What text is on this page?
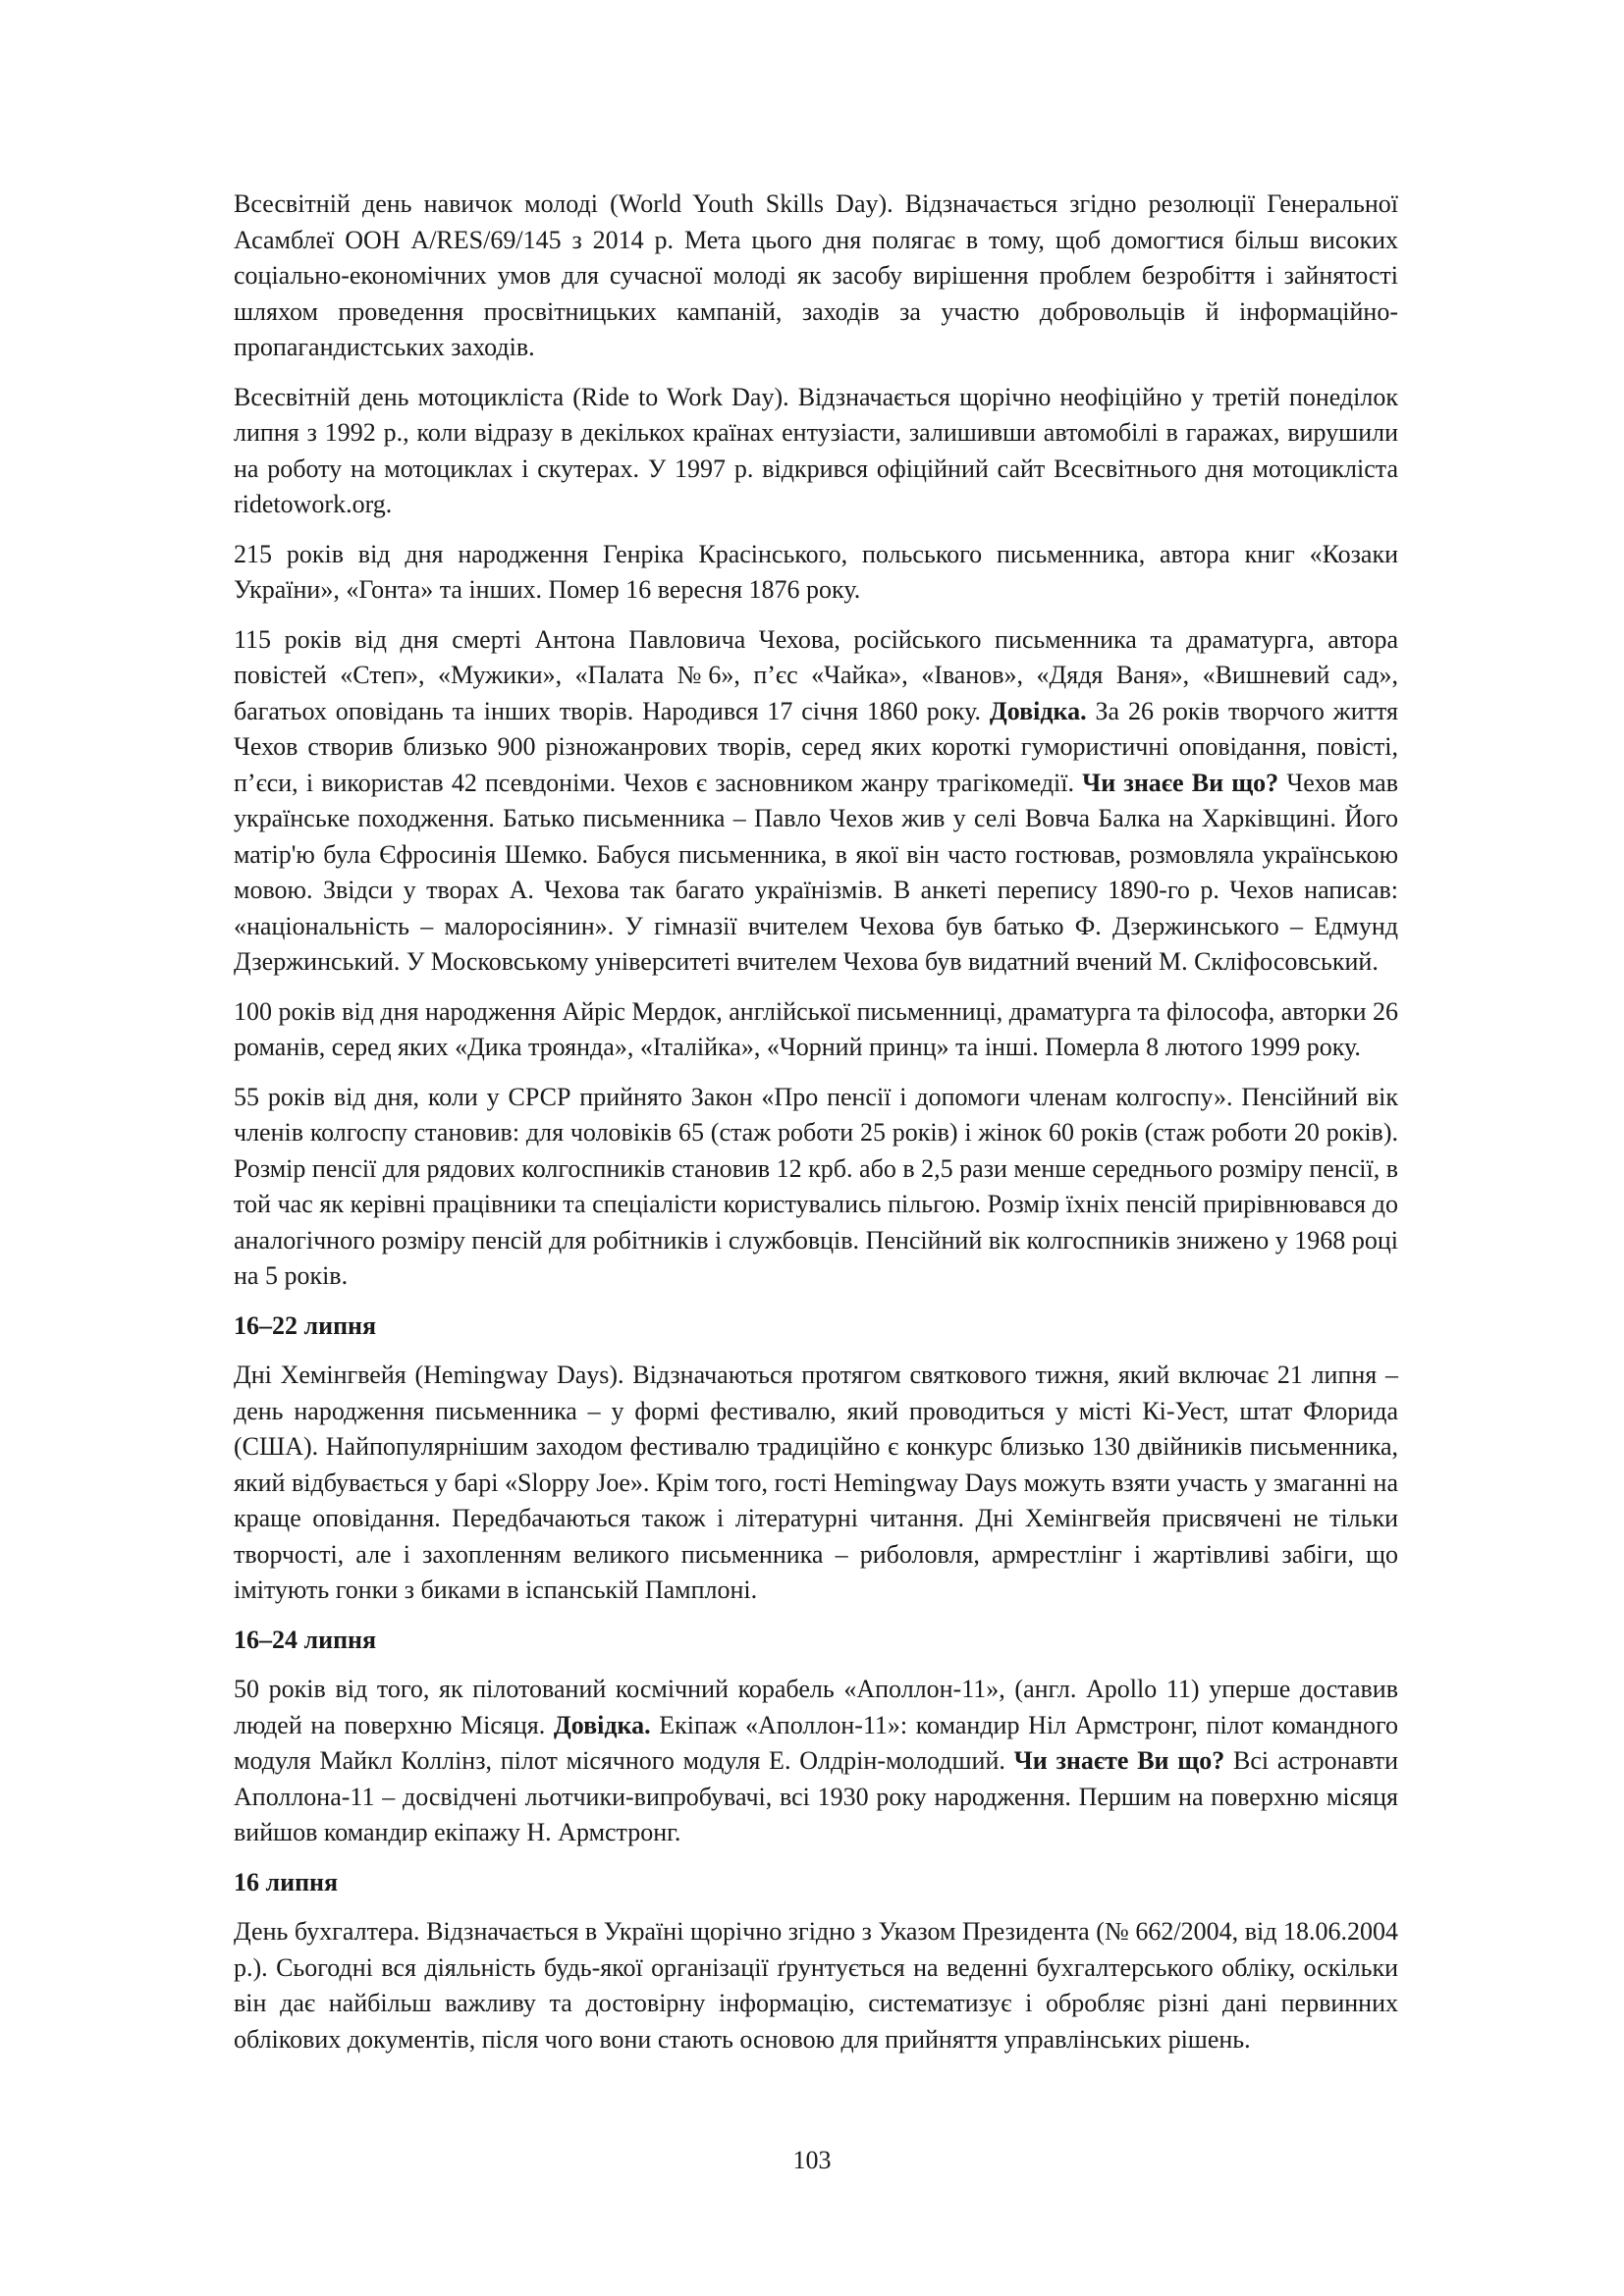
Всесвітній день навичок молоді (World Youth Skills Day). Відзначається згідно резолюції Генеральної Асамблеї ООН A/RES/69/145 з 2014 р. Мета цього дня полягає в тому, щоб домогтися більш високих соціально-економічних умов для сучасної молоді як засобу вирішення проблем безробіття і зайнятості шляхом проведення просвітницьких кампаній, заходів за участю добровольців й інформаційно-пропагандистських заходів.

Всесвітній день мотоцикліста (Ride to Work Day). Відзначається щорічно неофіційно у третій понеділок липня з 1992 р., коли відразу в декількох країнах ентузіасти, залишивши автомобілі в гаражах, вирушили на роботу на мотоциклах і скутерах. У 1997 р. відкрився офіційний сайт Всесвітнього дня мотоцикліста ridetowork.org.

215 років від дня народження Генріка Красінського, польського письменника, автора книг «Козаки України», «Гонта» та інших. Помер 16 вересня 1876 року.

115 років від дня смерті Антона Павловича Чехова, російського письменника та драматурга, автора повістей «Степ», «Мужики», «Палата №6», п’єс «Чайка», «Іванов», «Дядя Ваня», «Вишневий сад», багатьох оповідань та інших творів. Народився 17 січня 1860 року. Довідка. За 26 років творчого життя Чехов створив близько 900 різножанрових творів, серед яких короткі гумористичні оповідання, повісті, п’єси, і використав 42 псевдоніми. Чехов є засновником жанру трагікомедії. Чи знаєе Ви що? Чехов мав українське походження. Батько письменника – Павло Чехов жив у селі Вовча Балка на Харківщині. Його матір'ю була Єфросинія Шемко. Бабуся письменника, в якої він часто гостював, розмовляла українською мовою. Звідси у творах А. Чехова так багато українізмів. В анкеті перепису 1890-го р. Чехов написав: «національність – малоросіянин». У гімназії вчителем Чехова був батько Ф. Дзержинського – Едмунд Дзержинський. У Московському університеті вчителем Чехова був видатний вчений М. Скліфосовський.

100 років від дня народження Айріс Мердок, англійської письменниці, драматурга та філософа, авторки 26 романів, серед яких «Дика троянда», «Італійка», «Чорний принц» та інші. Померла 8 лютого 1999 року.

55 років від дня, коли у СРСР прийнято Закон «Про пенсії і допомоги членам колгоспу». Пенсійний вік членів колгоспу становив: для чоловіків 65 (стаж роботи 25 років) і жінок 60 років (стаж роботи 20 років). Розмір пенсії для рядових колгоспників становив 12 крб. або в 2,5 рази менше середнього розміру пенсії, в той час як керівні працівники та спеціалісти користувались пільгою. Розмір їхніх пенсій прирівнювався до аналогічного розміру пенсій для робітників і службовців. Пенсійний вік колгоспників знижено у 1968 році на 5 років.

16–22 липня

Дні Хемінгвейя (Hemingway Days). Відзначаються протягом святкового тижня, який включає 21 липня – день народження письменника – у формі фестивалю, який проводиться у місті Кі-Уест, штат Флорида (США). Найпопулярнішим заходом фестивалю традиційно є конкурс близько 130 двійників письменника, який відбувається у барі «Sloppy Joe». Крім того, гості Hemingway Days можуть взяти участь у змаганні на краще оповідання. Передбачаються також і літературні читання. Дні Хемінгвейя присвячені не тільки творчості, але і захопленням великого письменника – риболовля, армрестлінг і жартівливі забіги, що імітують гонки з биками в іспанській Памплоні.

16–24 липня

50 років від того, як пілотований космічний корабель «Аполлон-11», (англ. Apollo 11) уперше доставив людей на поверхню Місяця. Довідка. Екіпаж «Аполлон-11»: командир Ніл Армстронг, пілот командного модуля Майкл Коллінз, пілот місячного модуля Е. Олдрін-молодший. Чи знаєте Ви що? Всі астронавти Аполлона-11 – досвідчені льотчики-випробувачі, всі 1930 року народження. Першим на поверхню місяця вийшов командир екіпажу Н. Армстронг.

16 липня

День бухгалтера. Відзначається в Україні щорічно згідно з Указом Президента (№ 662/2004, від 18.06.2004 р.). Сьогодні вся діяльність будь-якої організації ґрунтується на веденні бухгалтерського обліку, оскільки він дає найбільш важливу та достовірну інформацію, систематизує і обробляє різні дані первинних облікових документів, після чого вони стають основою для прийняття управлінських рішень.

103
